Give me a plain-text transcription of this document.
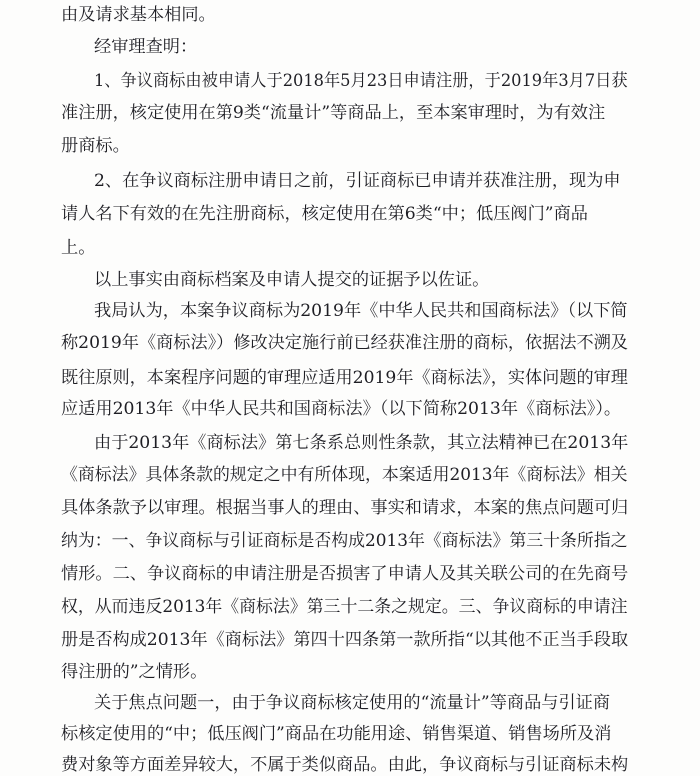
由及请求基本相同。
经审理查明：
1、争议商标由被申请人于2018年5月23日申请注册，于2019年3月7日获
准注册，核定使用在第9类“流量计”等商品上，至本案审理时，为有效注
册商标。
2、在争议商标注册申请日之前，引证商标已申请并获准注册，现为申
请人名下有效的在先注册商标，核定使用在第6类“中；低压阀门”商品
上。
以上事实由商标档案及申请人提交的证据予以佐证。
我局认为，本案争议商标为2019年《中华人民共和国商标法》（以下简
称2019年《商标法》）修改决定施行前已经获准注册的商标，依据法不溯及
既往原则，本案程序问题的审理应适用2019年《商标法》，实体问题的审理
应适用2013年《中华人民共和国商标法》（以下简称2013年《商标法》）。
由于2013年《商标法》第七条系总则性条款，其立法精神已在2013年
《商标法》具体条款的规定之中有所体现，本案适用2013年《商标法》相关
具体条款予以审理。根据当事人的理由、事实和请求，本案的焦点问题可归
纳为：一、争议商标与引证商标是否构成2013年《商标法》第三十条所指之
情形。二、争议商标的申请注册是否损害了申请人及其关联公司的在先商号
权，从而违反2013年《商标法》第三十二条之规定。三、争议商标的申请注
册是否构成2013年《商标法》第四十四条第一款所指“以其他不正当手段取
得注册的”之情形。
关于焦点问题一，由于争议商标核定使用的“流量计”等商品与引证商
标核定使用的“中；低压阀门”商品在功能用途、销售渠道、销售场所及消
费对象等方面差异较大，不属于类似商品。由此，争议商标与引证商标未构
